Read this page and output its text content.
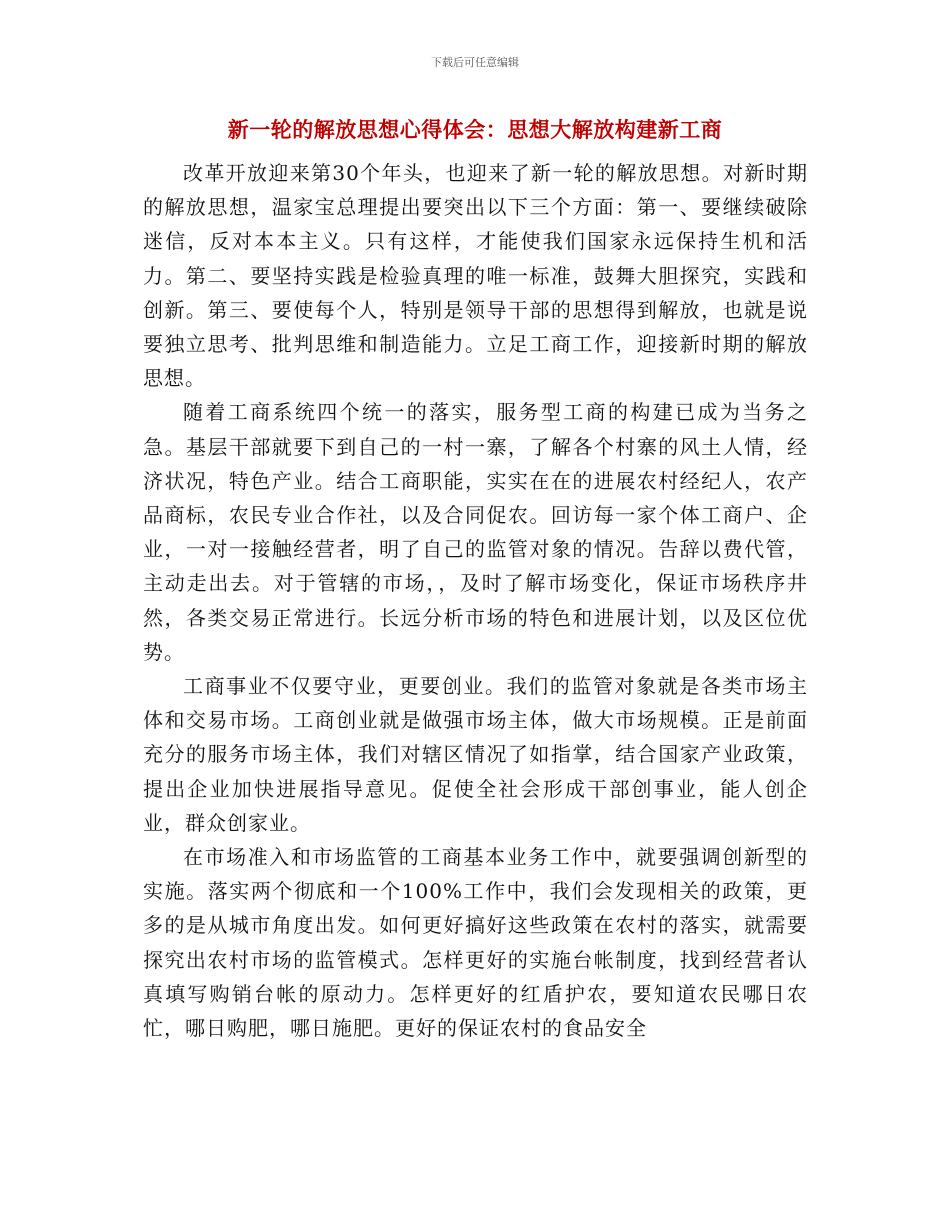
下载后可任意编辑
新一轮的解放思想心得体会：思想大解放构建新工商

改革开放迎来第30个年头，也迎来了新一轮的解放思想。对新时期的解放思想，温家宝总理提出要突出以下三个方面：第一、要继续破除迷信，反对本本主义。只有这样，才能使我们国家永远保持生机和活力。第二、要坚持实践是检验真理的唯一标准，鼓舞大胆探究，实践和创新。第三、要使每个人，特别是领导干部的思想得到解放，也就是说要独立思考、批判思维和制造能力。立足工商工作，迎接新时期的解放思想。

随着工商系统四个统一的落实，服务型工商的构建已成为当务之急。基层干部就要下到自己的一村一寨，了解各个村寨的风土人情，经济状况，特色产业。结合工商职能，实实在在的进展农村经纪人，农产品商标，农民专业合作社，以及合同促农。回访每一家个体工商户、企业，一对一接触经营者，明了自己的监管对象的情况。告辞以费代管，主动走出去。对于管辖的市场，，及时了解市场变化，保证市场秩序井然，各类交易正常进行。长远分析市场的特色和进展计划，以及区位优势。

工商事业不仅要守业，更要创业。我们的监管对象就是各类市场主体和交易市场。工商创业就是做强市场主体，做大市场规模。正是前面充分的服务市场主体，我们对辖区情况了如指掌，结合国家产业政策，提出企业加快进展指导意见。促使全社会形成干部创事业，能人创企业，群众创家业。

在市场准入和市场监管的工商基本业务工作中，就要强调创新型的实施。落实两个彻底和一个100%工作中，我们会发现相关的政策，更多的是从城市角度出发。如何更好搞好这些政策在农村的落实，就需要探究出农村市场的监管模式。怎样更好的实施台帐制度，找到经营者认真填写购销台帐的原动力。怎样更好的红盾护农，要知道农民哪日农忙，哪日购肥，哪日施肥。更好的保证农村的食品安全
